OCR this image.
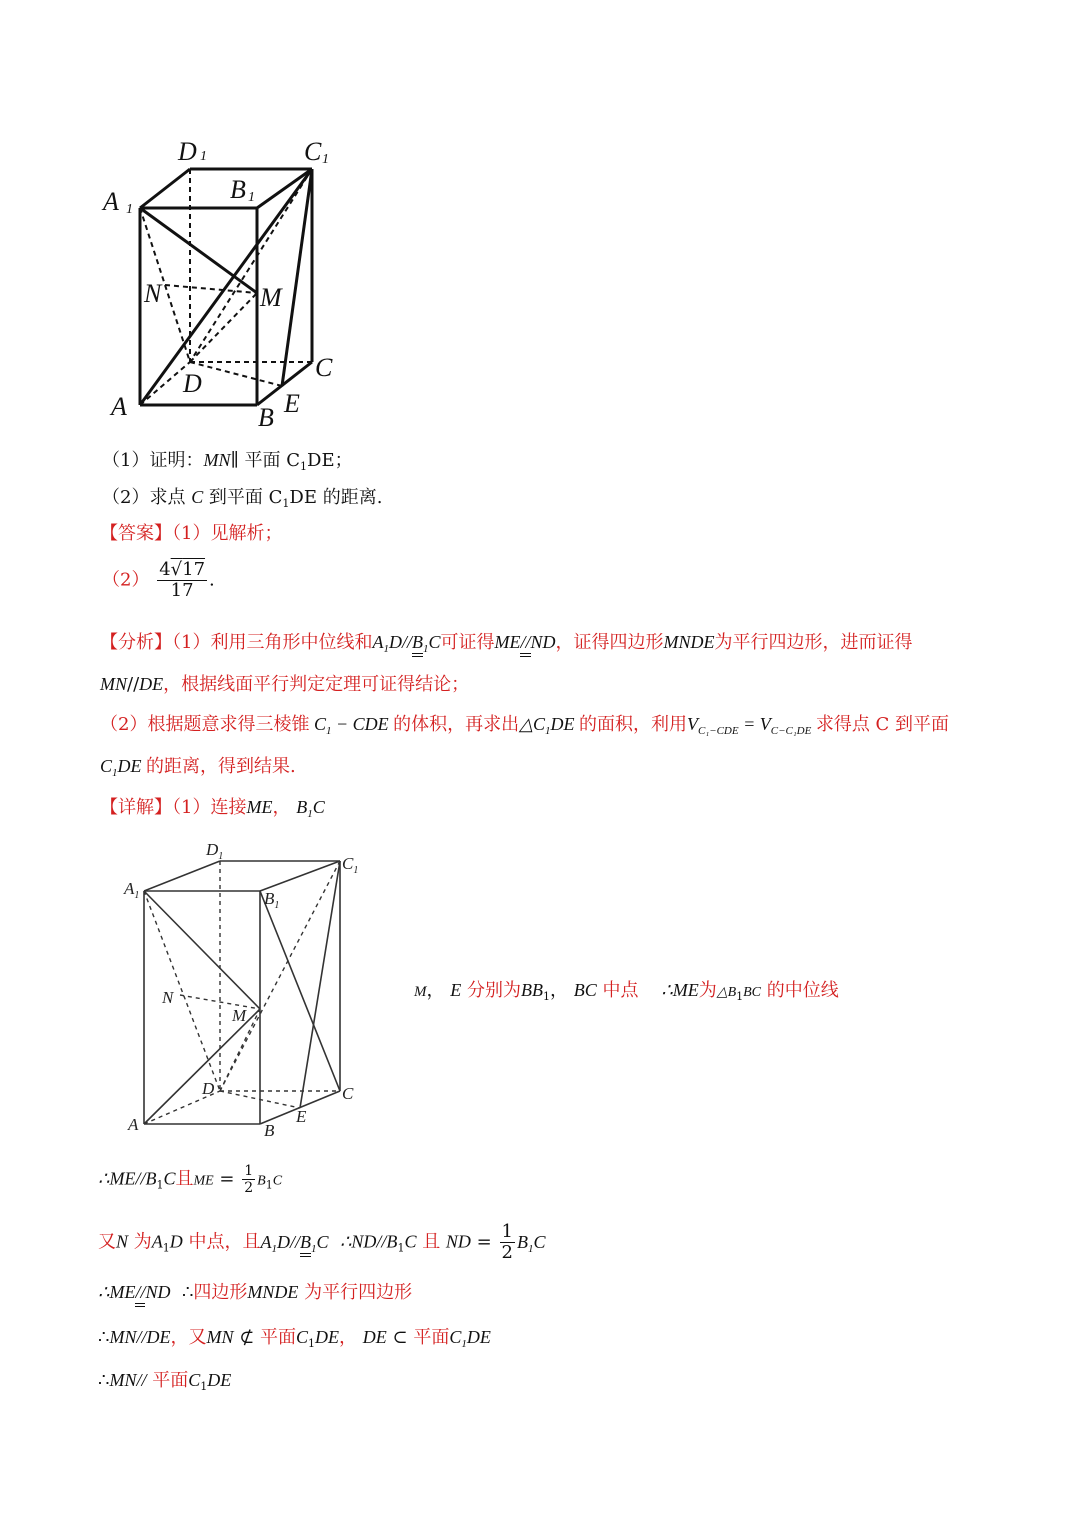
D 1	C 1
B 1
A 1
N	M
C
D
A	B E
（1）证明：MN∥ 平面 $C_1DE$；
（2）求点 C 到平面 $C_1DE$ 的距离.
【答案】（1）见解析；
$(2) \frac{4√17}{17}$ .
【分析】（1）利用三角形中位线和$A_1D//B_1C$可证得ME//ND，证得四边形MNDE为平行四边形，进而证得
MN//DE，根据线面平行判定定理可证得结论；
（2）根据题意求得三棱锥 $C_1$ − CDE 的体积，再求出$\triangle C_1DE$ 的面积，利用$V_{C_1-CDE} = V_{C-C_1DE}$ 求得点 C 到平面
$C_1DE$ 的距离，得到结果.
【详解】（1）连接ME， $B_1C$
$D_1$	$C_1$
$A_1$	$B_1$
N
M
D	C
E
A	B
M， E 分别为$BB_1$， BC 中点 ∴ME为$\triangle B_1BC$ 的中位线
$\therefore ME//B_1C$且ME = $\frac{1}{2} B_1C$
又N 为$A_1D$ 中点，且$A_1D//B_1C$ $\therefore ND//B_1C$ 且 ND = $\frac{1}{2} B_1C$
∴ME//ND ∴四边形MNDE 为平行四边形
∴MN//DE，又MN ⊄ 平面$C_1DE$， DE ⊂ 平面$C_1DE$
∴MN// 平面$C_1DE$
